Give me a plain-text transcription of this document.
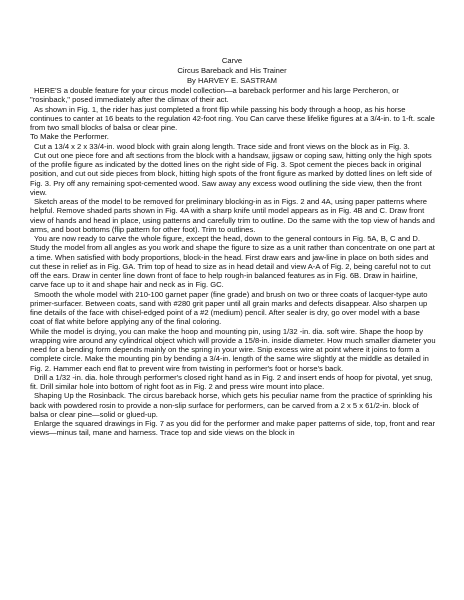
Carve
Circus Bareback and His Trainer
By HARVEY E. SASTRAM

HERE'S a double feature for your circus model collection—a bareback performer and his large Percheron, or "rosinback," posed immediately after the climax of their act.

As shown in Fig. 1, the rider has just completed a front flip while passing his body through a hoop, as his horse continues to canter at 16 beats to the regulation 42-foot ring. You Can carve these lifelike figures at a 3/4-in. to 1-ft. scale from two small blocks of balsa or clear pine.

To Make the Performer.

Cut a 13/4 x 2 x 33/4-in. wood block with grain along length. Trace side and front views on the block as in Fig. 3.

Cut out one piece fore and aft sections from the block with a handsaw, jigsaw or coping saw, hitting only the high spots of the profile figure as indicated by the dotted lines on the right side of Fig. 3. Spot cement the pieces back in original position, and cut out side pieces from block, hitting high spots of the front figure as marked by dotted lines on left side of Fig. 3. Pry off any remaining spot-cemented wood. Saw away any excess wood outlining the side view, then the front view.

Sketch areas of the model to be removed for preliminary blocking-in as in Figs. 2 and 4A, using paper patterns where helpful. Remove shaded parts shown in Fig. 4A with a sharp knife until model appears as in Fig. 4B and C. Draw front view of hands and head in place, using patterns and carefully trim to outline. Do the same with the top view of hands and arms, and boot bottoms (flip pattern for other foot). Trim to outlines.

You are now ready to carve the whole figure, except the head, down to the general contours in Fig. 5A, B, C and D. Study the model from all angles as you work and shape the figure to size as a unit rather than concentrate on one part at a time. When satisfied with body proportions, block-in the head. First draw ears and jaw-line in place on both sides and cut these in relief as in Fig. GA. Trim top of head to size as in head detail and view A-A of Fig. 2, being careful not to cut off the ears. Draw in center line down front of face to help rough-in balanced features as in Fig. 6B. Draw in hairline, carve face up to it and shape hair and neck as in Fig. GC.

Smooth the whole model with 210-100 garnet paper (fine grade) and brush on two or three coats of lacquer-type auto primer-surfacer. Between coats, sand with #280 grit paper until all grain marks and defects disappear. Also sharpen up fine details of the face with chisel-edged point of a #2 (medium) pencil. After sealer is dry, go over model with a base coat of flat white before applying any of the final coloring.

While the model is drying, you can make the hoop and mounting pin, using 1/32 -in. dia. soft wire. Shape the hoop by wrapping wire around any cylindrical object which will provide a 15/8-in. inside diameter. How much smaller diameter you need for a bending form depends mainly on the spring in your wire. Snip excess wire at point where it joins to form a complete circle. Make the mounting pin by bending a 3/4-in. length of the same wire slightly at the middle as detailed in Fig. 2. Hammer each end flat to prevent wire from twisting in performer's foot or horse's back.

Drill a 1/32 -in. dia. hole through performer's closed right hand as in Fig. 2 and insert ends of hoop for pivotal, yet snug, fit. Drill similar hole into bottom of right foot as in Fig. 2 and press wire mount into place.

Shaping Up the Rosinback. The circus bareback horse, which gets his peculiar name from the practice of sprinkling his back with powdered rosin to provide a non-slip surface for performers, can be carved from a 2 x 5 x 61/2-in. block of balsa or clear pine—solid or glued-up.

Enlarge the squared drawings in Fig. 7 as you did for the performer and make paper patterns of side, top, front and rear views—minus tail, mane and harness. Trace top and side views on the block in
